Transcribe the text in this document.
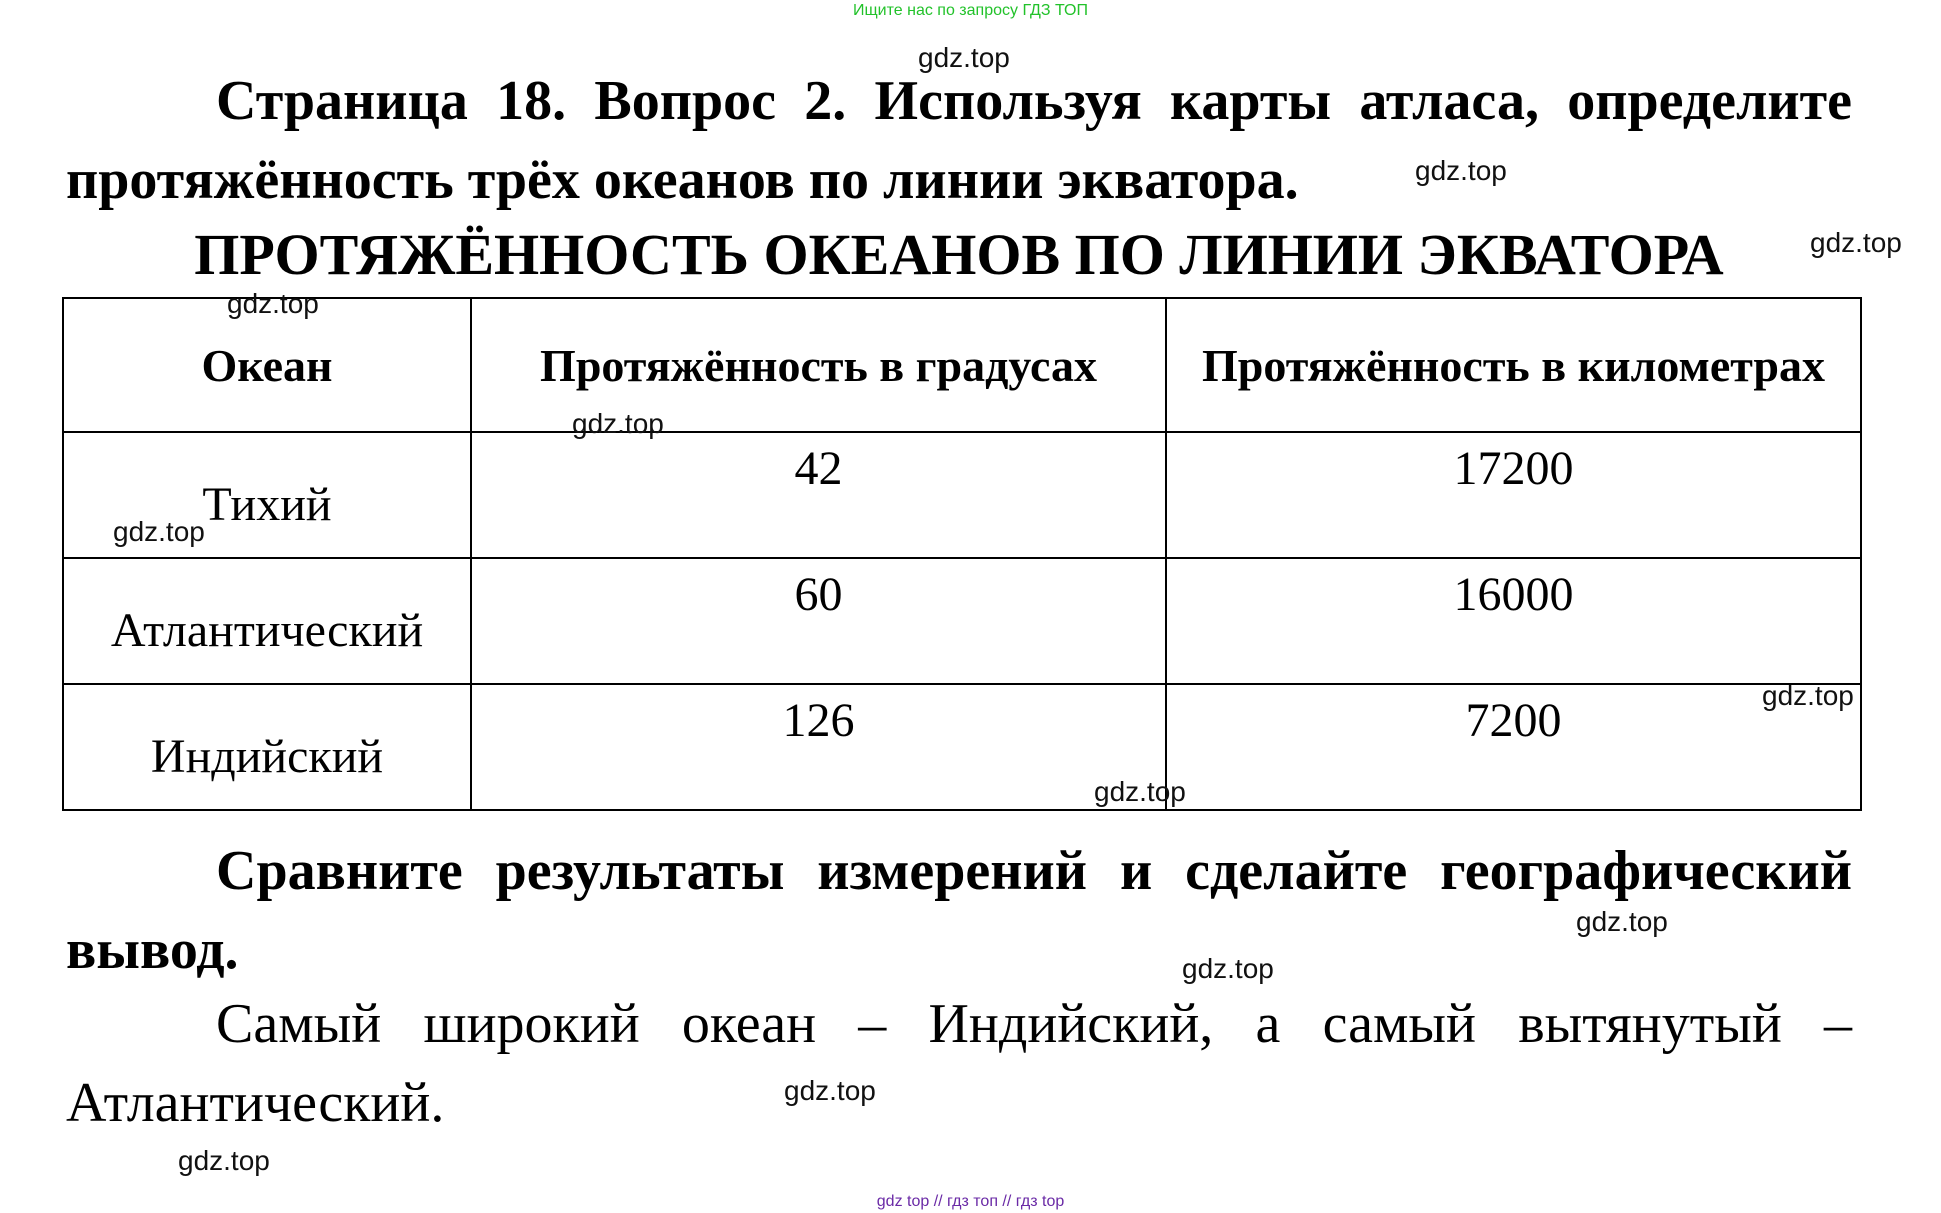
Ищите нас по запросу ГДЗ ТОП
Страница 18. Вопрос 2. Используя карты атласа, определите протяжённость трёх океанов по линии экватора.
ПРОТЯЖЁННОСТЬ ОКЕАНОВ ПО ЛИНИИ ЭКВАТОРА
Океан	Протяжённость в градусах	Протяжённость в километрах
Тихий	42	17200
Атлантический	60	16000
Индийский	126	7200
Сравните результаты измерений и сделайте географический вывод.
Самый широкий океан – Индийский, а самый вытянутый – Атлантический.
gdz.top
gdz.top
gdz.top
gdz.top
gdz.top
gdz.top
gdz.top
gdz.top
gdz.top
gdz.top
gdz.top
gdz.top
gdz top // гдз топ // гдз top
